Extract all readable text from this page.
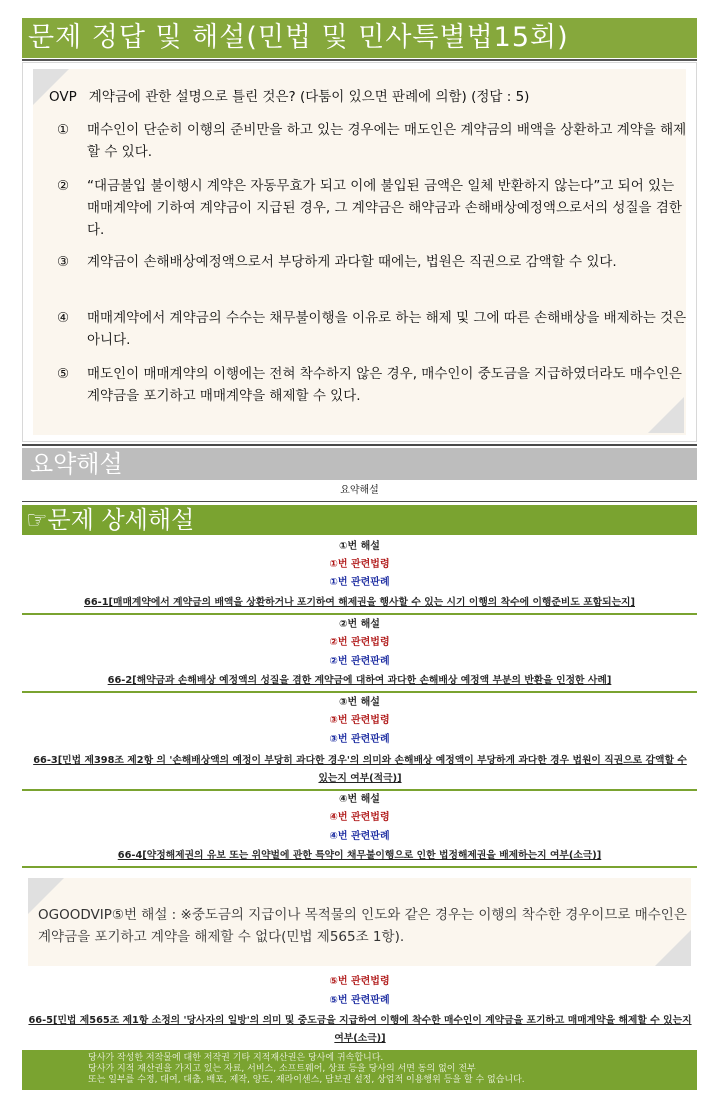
문제 정답 및 해설(민법 및 민사특별법15회)
OVP 계약금에 관한 설명으로 틀린 것은? (다툼이 있으면 판례에 의함) (정답 : 5)
① 매수인이 단순히 이행의 준비만을 하고 있는 경우에는 매도인은 계약금의 배액을 상환하고 계약을 해제할 수 있다.
② “대금불입 불이행시 계약은 자동무효가 되고 이에 불입된 금액은 일체 반환하지 않는다”고 되어 있는 매매계약에 기하여 계약금이 지급된 경우, 그 계약금은 해약금과 손해배상예정액으로서의 성질을 겸한다.
③ 계약금이 손해배상예정액으로서 부당하게 과다할 때에는, 법원은 직권으로 감액할 수 있다.
④ 매매계약에서 계약금의 수수는 채무불이행을 이유로 하는 해제 및 그에 따른 손해배상을 배제하는 것은 아니다.
⑤ 매도인이 매매계약의 이행에는 전혀 착수하지 않은 경우, 매수인이 중도금을 지급하였더라도 매수인은 계약금을 포기하고 매매계약을 해제할 수 있다.
요약해설
요약해설
☞문제 상세해설
①번 해설
①번 관련법령
①번 관련판례
66-1[매매계약에서 계약금의 배액을 상환하거나 포기하여 해제권을 행사할 수 있는 시기 이행의 착수에 이행준비도 포함되는지]
②번 해설
②번 관련법령
②번 관련판례
66-2[해약금과 손해배상 예정액의 성질을 겸한 계약금에 대하여 과다한 손해배상 예정액 부분의 반환을 인정한 사례]
③번 해설
③번 관련법령
③번 관련판례
66-3[민법 제398조 제2항 의 '손해배상액의 예정이 부당히 과다한 경우'의 의미와 손해배상 예정액이 부당하게 과다한 경우 법원이 직권으로 감액할 수 있는지 여부(적극)]
④번 해설
④번 관련법령
④번 관련판례
66-4[약정해제권의 유보 또는 위약벌에 관한 특약이 채무불이행으로 인한 법정해제권을 배제하는지 여부(소극)]
OGOODVIP⑤번 해설 : ※중도금의 지급이나 목적물의 인도와 같은 경우는 이행의 착수한 경우이므로 매수인은 계약금을 포기하고 계약을 해제할 수 없다(민법 제565조 1항).
⑤번 관련법령
⑤번 관련판례
66-5[민법 제565조 제1항 소정의 '당사자의 일방'의 의미 및 중도금을 지급하여 이행에 착수한 매수인이 계약금을 포기하고 매매계약을 해제할 수 있는지 여부(소극)]
당사가 작성한 저작물에 대한 저작권 기타 지적재산권은 당사에 귀속합니다.
당사가 지적 재산권을 가지고 있는 자료, 서비스, 소프트웨어, 상표 등을 당사의 서면 동의 없이 전부
또는 일부를 수정, 대여, 대출, 배포, 제작, 양도, 재라이센스, 담보권 설정, 상업적 이용행위 등을 할 수 없습니다.
